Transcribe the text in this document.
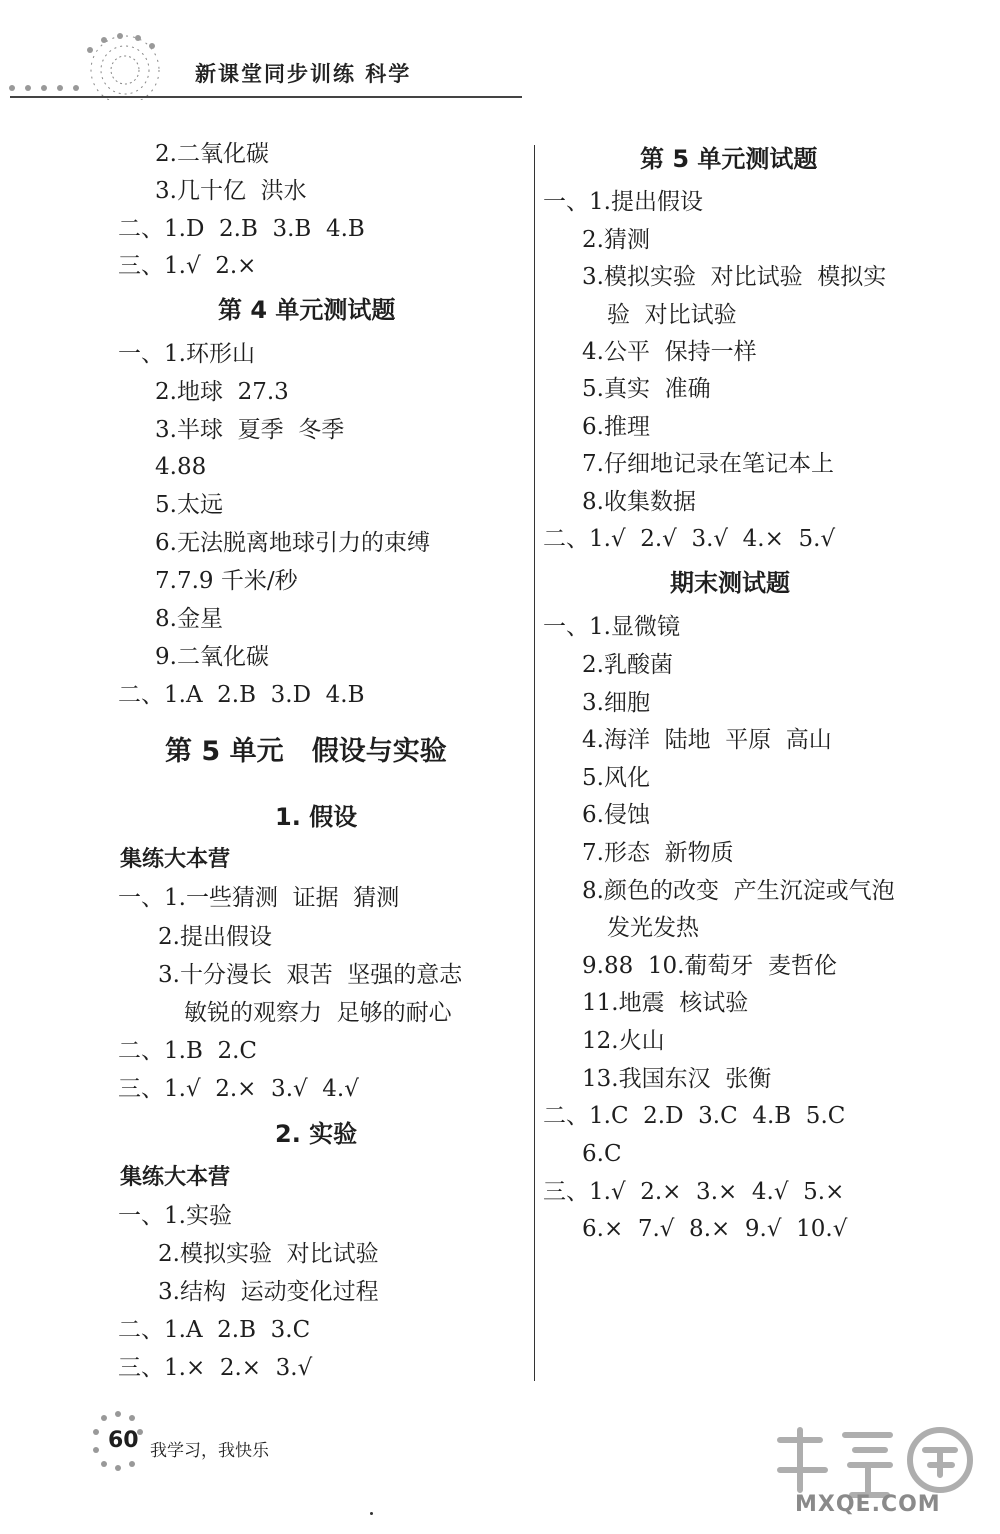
新课堂同步训练 科学
2.二氧化碳
3.几十亿  洪水
二、1.D  2.B  3.B  4.B
三、1.√  2.×
第 4 单元测试题
一、1.环形山
2.地球  27.3
3.半球  夏季  冬季
4.88
5.太远
6.无法脱离地球引力的束缚
7.7.9 千米/秒
8.金星
9.二氧化碳
二、1.A  2.B  3.D  4.B
第 5 单元   假设与实验
1. 假设
集练大本营
一、1.一些猜测  证据  猜测
2.提出假设
3.十分漫长  艰苦  坚强的意志
敏锐的观察力  足够的耐心
二、1.B  2.C
三、1.√  2.×  3.√  4.√
2. 实验
集练大本营
一、1.实验
2.模拟实验  对比试验
3.结构  运动变化过程
二、1.A  2.B  3.C
三、1.×  2.×  3.√
第 5 单元测试题
一、1.提出假设
2.猜测
3.模拟实验  对比试验  模拟实
验  对比试验
4.公平  保持一样
5.真实  准确
6.推理
7.仔细地记录在笔记本上
8.收集数据
二、1.√  2.√  3.√  4.×  5.√
期末测试题
一、1.显微镜
2.乳酸菌
3.细胞
4.海洋  陆地  平原  高山
5.风化
6.侵蚀
7.形态  新物质
8.颜色的改变  产生沉淀或气泡
发光发热
9.88  10.葡萄牙  麦哲伦
11.地震  核试验
12.火山
13.我国东汉  张衡
二、1.C  2.D  3.C  4.B  5.C
6.C
三、1.√  2.×  3.×  4.√  5.×
6.×  7.√  8.×  9.√  10.√
60 我学习，我快乐
MXQE.COM
